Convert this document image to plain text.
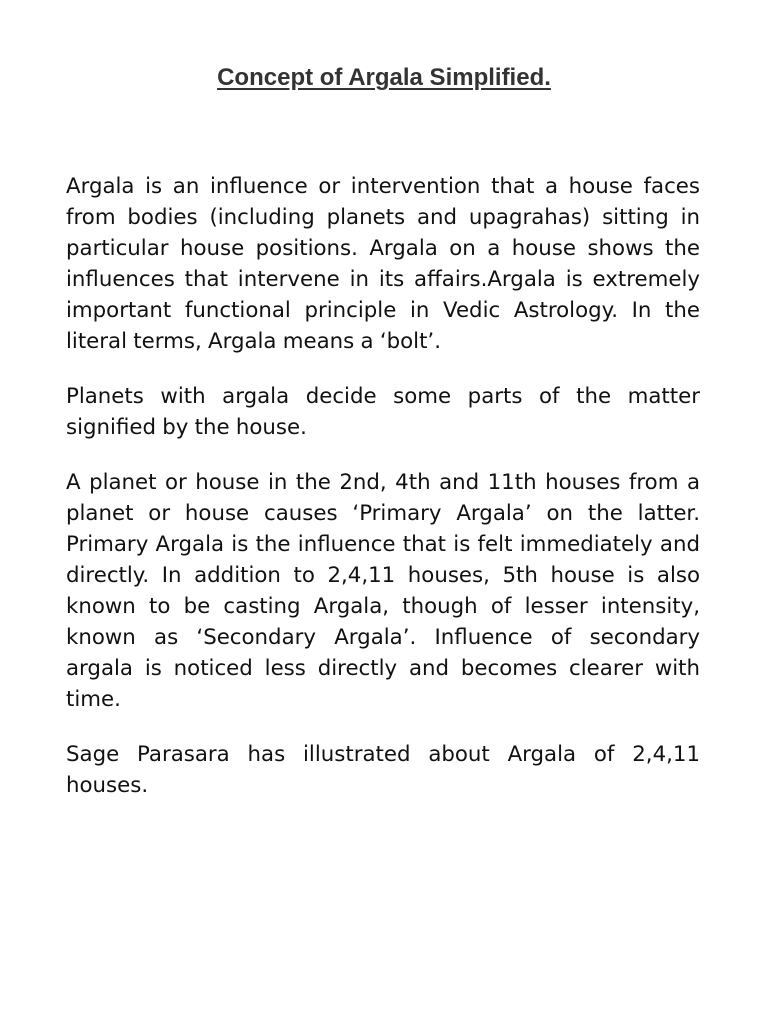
Concept of Argala Simplified.

Argala is an influence or intervention that a house faces from bodies (including planets and upagrahas) sitting in particular house positions. Argala on a house shows the influences that intervene in its affairs.Argala is extremely important functional principle in Vedic Astrology. In the literal terms, Argala means a ‘bolt’.

Planets with argala decide some parts of the matter signified by the house.

A planet or house in the 2nd, 4th and 11th houses from a planet or house causes ‘Primary Argala’ on the latter. Primary Argala is the influence that is felt immediately and directly. In addition to 2,4,11 houses, 5th house is also known to be casting Argala, though of lesser intensity, known as ‘Secondary Argala’. Influence of secondary argala is noticed less directly and becomes clearer with time.

Sage Parasara has illustrated about Argala of 2,4,11 houses.
